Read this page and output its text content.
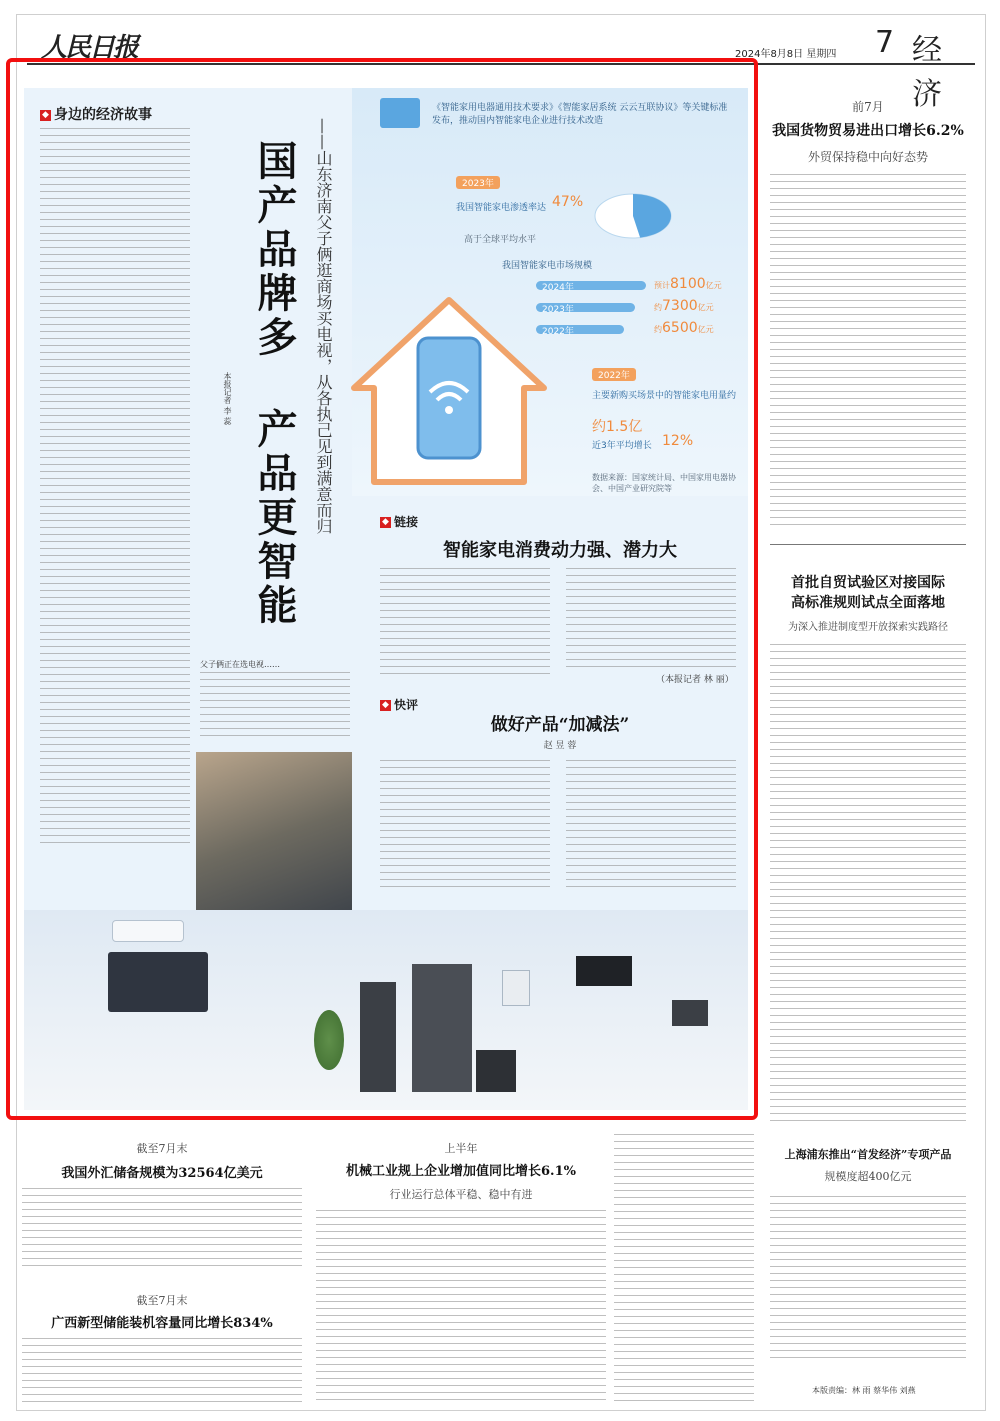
人民日报	2024年8月8日 星期四 7 经济
◆ 身边的经济故事
国产品牌多
产品更智能 ——山东济南父子俩逛商场买电视，从各执己见到满意而归
本报记者 李 蕊
《智能家用电器通用技术要求》《智能家居系统 云云互联协议》等关键标准发布，推动国内智能家电企业进行技术改造
2023年
我国智能家电渗透率达 47%
高于全球平均水平
我国智能家电市场规模
2024年	预计8100亿元
2023年	约7300亿元
2022年	约6500亿元
2022年
主要新购买场景中的智能家电用量约
约1.5亿
近3年平均增长 12%
数据来源：国家统计局、中国家用电器协会、中国产业研究院等
◆ 链接
智能家电消费动力强、潜力大
（本报记者 林 丽）
◆ 快评
做好产品“加减法”
赵 昱 蓉
父子俩正在选电视……
前7月
我国货物贸易进出口增长6.2%
外贸保持稳中向好态势
首批自贸试验区对接国际
高标准规则试点全面落地
为深入推进制度型开放探索实践路径
截至7月末
我国外汇储备规模为32564亿美元
截至7月末
广西新型储能装机容量同比增长834%
上半年
机械工业规上企业增加值同比增长6.1%
行业运行总体平稳、稳中有进
上海浦东推出“首发经济”专项产品
规模度超400亿元
本版责编：林 雨 蔡华伟 刘燕
